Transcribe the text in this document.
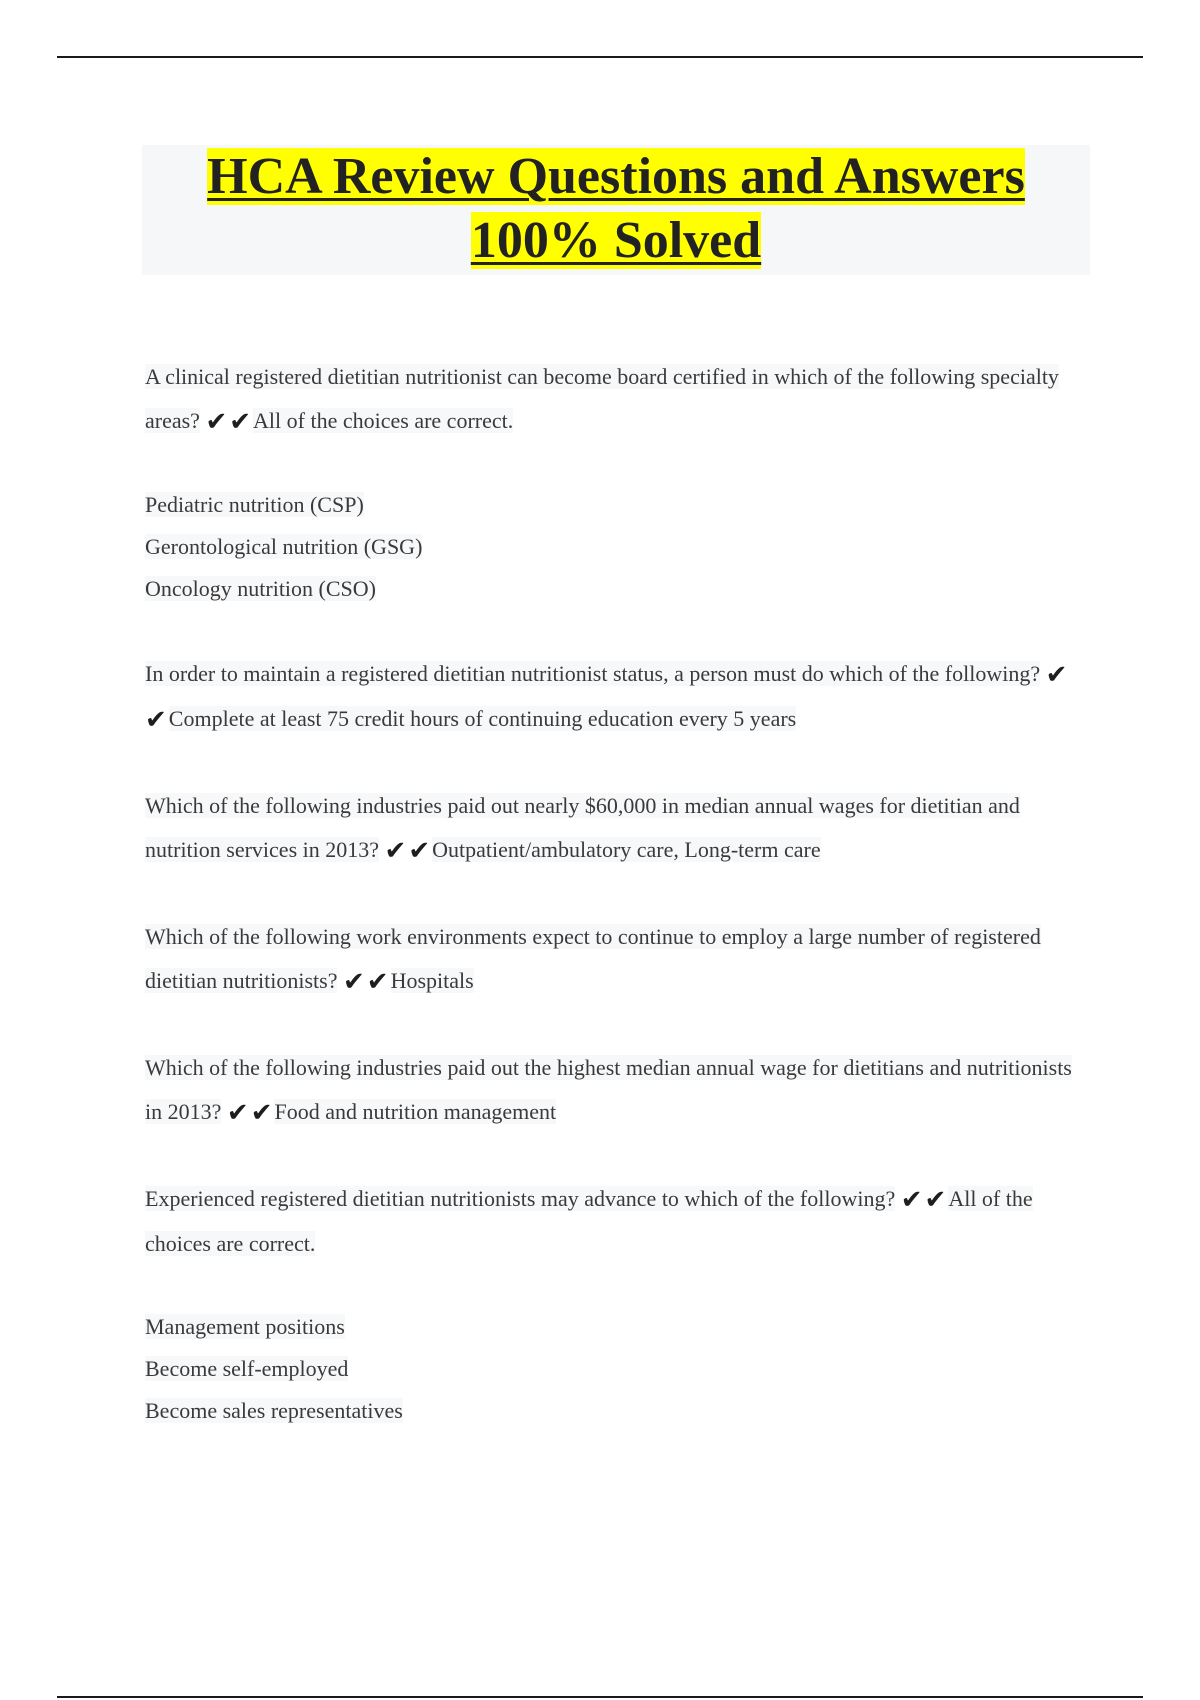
HCA Review Questions and Answers
100% Solved
A clinical registered dietitian nutritionist can become board certified in which of the following specialty areas? ✔✔All of the choices are correct.
Pediatric nutrition (CSP)
Gerontological nutrition (GSG)
Oncology nutrition (CSO)
In order to maintain a registered dietitian nutritionist status, a person must do which of the following? ✔✔Complete at least 75 credit hours of continuing education every 5 years
Which of the following industries paid out nearly $60,000 in median annual wages for dietitian and nutrition services in 2013? ✔✔Outpatient/ambulatory care, Long-term care
Which of the following work environments expect to continue to employ a large number of registered dietitian nutritionists? ✔✔Hospitals
Which of the following industries paid out the highest median annual wage for dietitians and nutritionists in 2013? ✔✔Food and nutrition management
Experienced registered dietitian nutritionists may advance to which of the following? ✔✔All of the choices are correct.
Management positions
Become self-employed
Become sales representatives
